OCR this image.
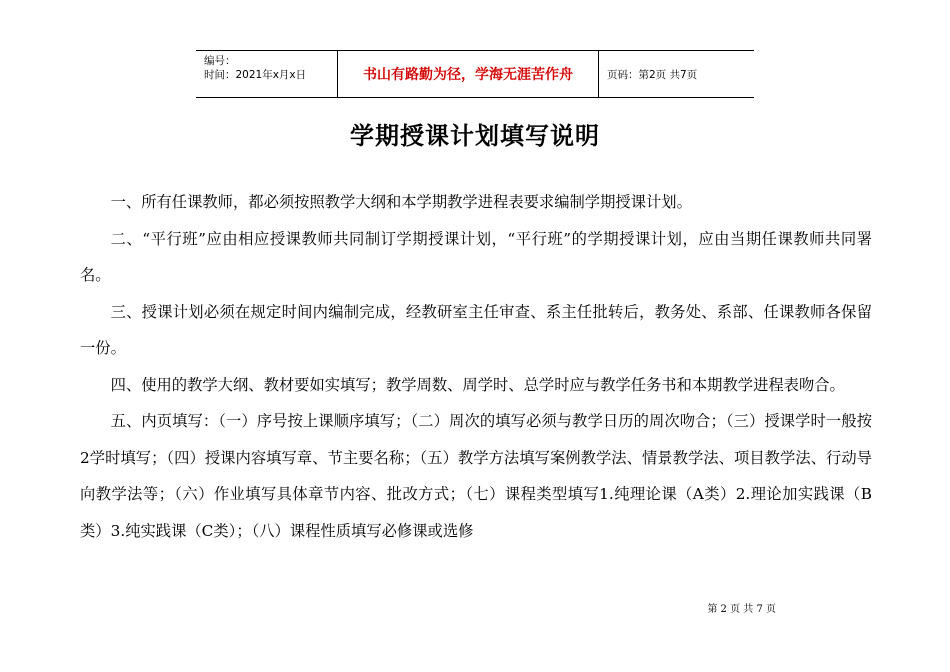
编号：
时间：2021年x月x日	书山有路勤为径，学海无涯苦作舟	页码：第2页 共7页
学期授课计划填写说明

一、所有任课教师，都必须按照教学大纲和本学期教学进程表要求编制学期授课计划。

二、“平行班”应由相应授课教师共同制订学期授课计划，“平行班”的学期授课计划，应由当期任课教师共同署名。

三、授课计划必须在规定时间内编制完成，经教研室主任审查、系主任批转后，教务处、系部、任课教师各保留一份。

四、使用的教学大纲、教材要如实填写；教学周数、周学时、总学时应与教学任务书和本期教学进程表吻合。

五、内页填写：（一）序号按上课顺序填写；（二）周次的填写必须与教学日历的周次吻合；（三）授课学时一般按2学时填写；（四）授课内容填写章、节主要名称；（五）教学方法填写案例教学法、情景教学法、项目教学法、行动导向教学法等；（六）作业填写具体章节内容、批改方式；（七）课程类型填写1.纯理论课（A类）2.理论加实践课（B类）3.纯实践课（C类）；（八）课程性质填写必修课或选修

第 2 页 共 7 页
